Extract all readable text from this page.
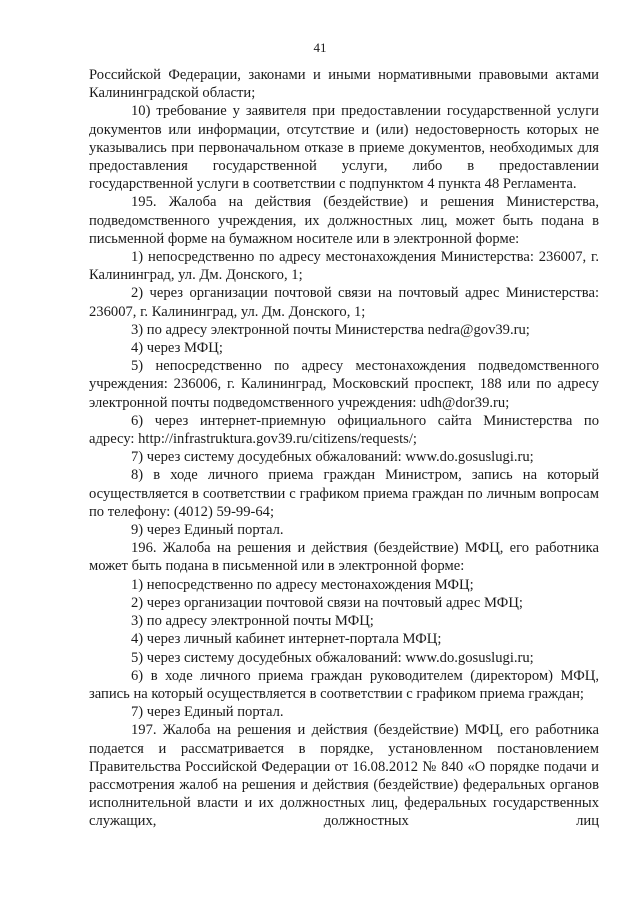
41

Российской Федерации, законами и иными нормативными правовыми актами Калининградской области;

10) требование у заявителя при предоставлении государственной услуги документов или информации, отсутствие и (или) недостоверность которых не указывались при первоначальном отказе в приеме документов, необходимых для предоставления государственной услуги, либо в предоставлении государственной услуги в соответствии с подпунктом 4 пункта 48 Регламента.

195. Жалоба на действия (бездействие) и решения Министерства, подведомственного учреждения, их должностных лиц, может быть подана в письменной форме на бумажном носителе или в электронной форме:

1) непосредственно по адресу местонахождения Министерства: 236007, г. Калининград, ул. Дм. Донского, 1;

2) через организации почтовой связи на почтовый адрес Министерства: 236007, г. Калининград, ул. Дм. Донского, 1;

3) по адресу электронной почты Министерства nedra@gov39.ru;

4) через МФЦ;

5) непосредственно по адресу местонахождения подведомственного учреждения: 236006, г. Калининград, Московский проспект, 188 или по адресу электронной почты подведомственного учреждения: udh@dor39.ru;

6) через интернет-приемную официального сайта Министерства по адресу: http://infrastruktura.gov39.ru/citizens/requests/;

7) через систему досудебных обжалований: www.do.gosuslugi.ru;

8) в ходе личного приема граждан Министром, запись на который осуществляется в соответствии с графиком приема граждан по личным вопросам по телефону: (4012) 59-99-64;

9) через Единый портал.

196. Жалоба на решения и действия (бездействие) МФЦ, его работника может быть подана в письменной или в электронной форме:

1) непосредственно по адресу местонахождения МФЦ;

2) через организации почтовой связи на почтовый адрес МФЦ;

3) по адресу электронной почты МФЦ;

4) через личный кабинет интернет-портала МФЦ;

5) через систему досудебных обжалований: www.do.gosuslugi.ru;

6) в ходе личного приема граждан руководителем (директором) МФЦ, запись на который осуществляется в соответствии с графиком приема граждан;

7) через Единый портал.

197. Жалоба на решения и действия (бездействие) МФЦ, его работника подается и рассматривается в порядке, установленном постановлением Правительства Российской Федерации от 16.08.2012 № 840 «О порядке подачи и рассмотрения жалоб на решения и действия (бездействие) федеральных органов исполнительной власти и их должностных лиц, федеральных государственных служащих, должностных лиц
